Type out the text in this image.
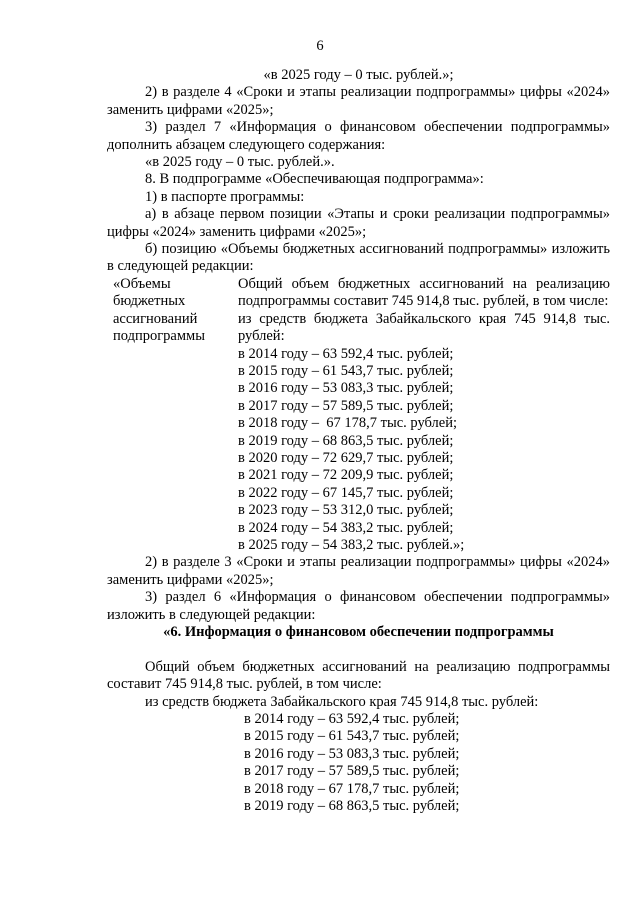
6

«в 2025 году – 0 тыс. рублей.»;

2) в разделе 4 «Сроки и этапы реализации подпрограммы» цифры «2024» заменить цифрами «2025»;

3) раздел 7 «Информация о финансовом обеспечении подпрограммы» дополнить абзацем следующего содержания:

«в 2025 году – 0 тыс. рублей.».

8. В подпрограмме «Обеспечивающая подпрограмма»:

1) в паспорте программы:

а) в абзаце первом позиции «Этапы и сроки реализации подпрограммы» цифры «2024» заменить цифрами «2025»;

б) позицию «Объемы бюджетных ассигнований подпрограммы» изложить в следующей редакции:

«Объемы бюджетных ассигнований подпрограммы

Общий объем бюджетных ассигнований на реализацию подпрограммы составит 745 914,8 тыс. рублей, в том числе:

из средств бюджета Забайкальского края 745 914,8 тыс. рублей:

в 2014 году – 63 592,4 тыс. рублей;
в 2015 году – 61 543,7 тыс. рублей;
в 2016 году – 53 083,3 тыс. рублей;
в 2017 году – 57 589,5 тыс. рублей;
в 2018 году –  67 178,7 тыс. рублей;
в 2019 году – 68 863,5 тыс. рублей;
в 2020 году – 72 629,7 тыс. рублей;
в 2021 году – 72 209,9 тыс. рублей;
в 2022 году – 67 145,7 тыс. рублей;
в 2023 году – 53 312,0 тыс. рублей;
в 2024 году – 54 383,2 тыс. рублей;
в 2025 году – 54 383,2 тыс. рублей.»;

2) в разделе 3 «Сроки и этапы реализации подпрограммы» цифры «2024» заменить цифрами «2025»;

3) раздел 6 «Информация о финансовом обеспечении подпрограммы» изложить в следующей редакции:

«6. Информация о финансовом обеспечении подпрограммы

Общий объем бюджетных ассигнований на реализацию подпрограммы составит 745 914,8 тыс. рублей, в том числе:

из средств бюджета Забайкальского края 745 914,8 тыс. рублей:

в 2014 году – 63 592,4 тыс. рублей;
в 2015 году – 61 543,7 тыс. рублей;
в 2016 году – 53 083,3 тыс. рублей;
в 2017 году – 57 589,5 тыс. рублей;
в 2018 году – 67 178,7 тыс. рублей;
в 2019 году – 68 863,5 тыс. рублей;
